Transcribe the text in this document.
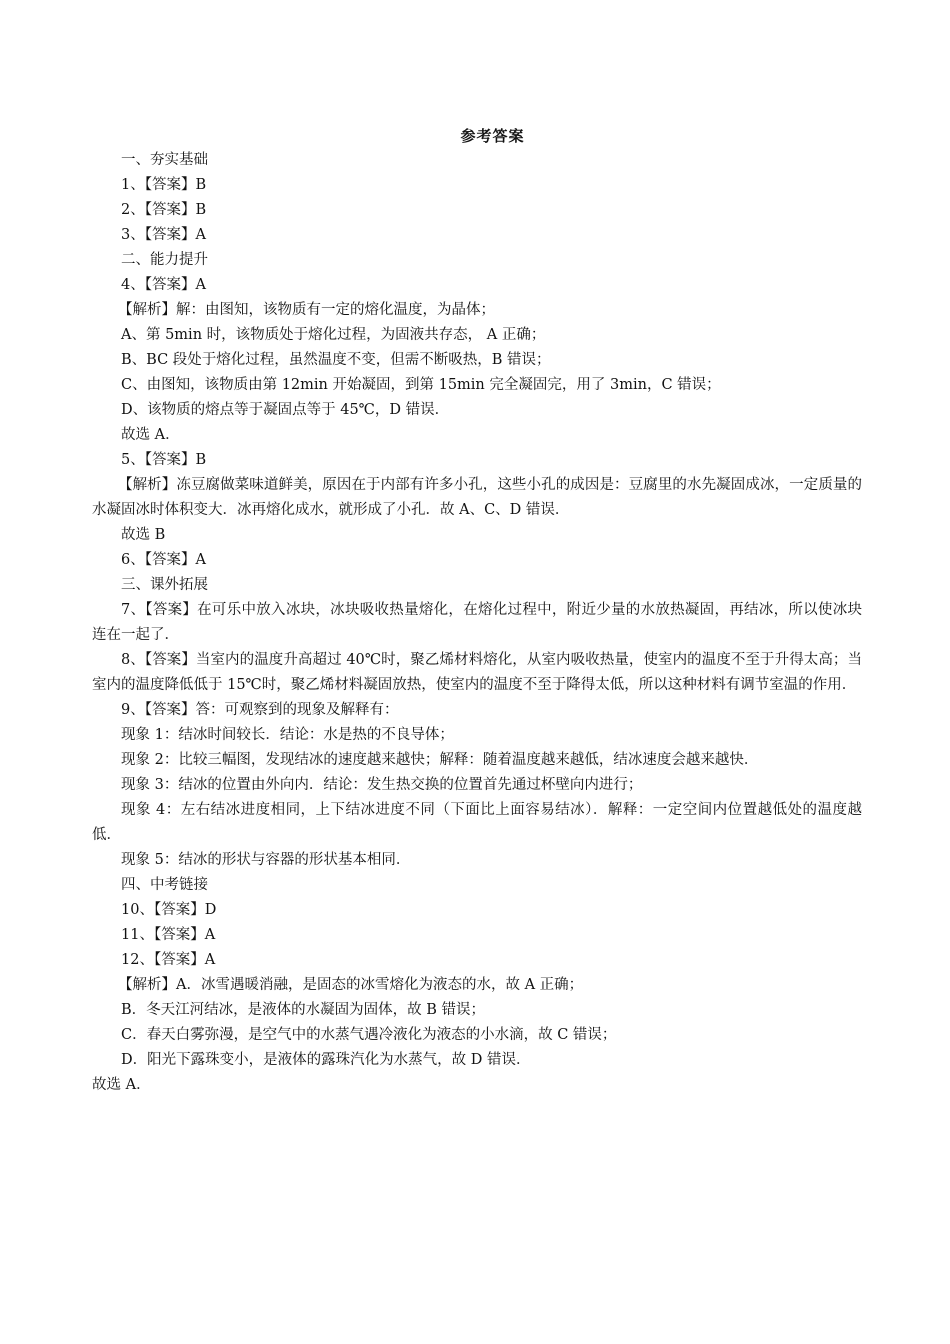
参考答案

一、夯实基础

1、【答案】B

2、【答案】B

3、【答案】A

二、能力提升

4、【答案】A

【解析】解：由图知，该物质有一定的熔化温度，为晶体；

A、第 5min 时，该物质处于熔化过程，为固液共存态， A 正确；

B、BC 段处于熔化过程，虽然温度不变，但需不断吸热，B 错误；

C、由图知，该物质由第 12min 开始凝固，到第 15min 完全凝固完，用了 3min，C 错误；

D、该物质的熔点等于凝固点等于 45℃，D 错误．

故选 A．

5、【答案】B

【解析】冻豆腐做菜味道鲜美，原因在于内部有许多小孔，这些小孔的成因是：豆腐里的水先凝固成冰，一定质量的水凝固冰时体积变大．冰再熔化成水，就形成了小孔．故 A、C、D 错误．

故选 B

6、【答案】A

三、课外拓展

7、【答案】在可乐中放入冰块，冰块吸收热量熔化，在熔化过程中，附近少量的水放热凝固，再结冰，所以使冰块连在一起了．

8、【答案】当室内的温度升高超过 40℃时，聚乙烯材料熔化，从室内吸收热量，使室内的温度不至于升得太高；当室内的温度降低低于 15℃时，聚乙烯材料凝固放热，使室内的温度不至于降得太低，所以这种材料有调节室温的作用．

9、【答案】答：可观察到的现象及解释有：

现象 1：结冰时间较长．结论：水是热的不良导体；

现象 2：比较三幅图，发现结冰的速度越来越快；解释：随着温度越来越低，结冰速度会越来越快．

现象 3：结冰的位置由外向内．结论：发生热交换的位置首先通过杯壁向内进行；

现象 4：左右结冰进度相同，上下结冰进度不同（下面比上面容易结冰）．解释：一定空间内位置越低处的温度越低．

现象 5：结冰的形状与容器的形状基本相同．

四、中考链接

10、【答案】D

11、【答案】A

12、【答案】A

【解析】A．冰雪遇暖消融，是固态的冰雪熔化为液态的水，故 A 正确；

B．冬天江河结冰，是液体的水凝固为固体，故 B 错误；

C．春天白雾弥漫，是空气中的水蒸气遇冷液化为液态的小水滴，故 C 错误；

D．阳光下露珠变小，是液体的露珠汽化为水蒸气，故 D 错误．

故选 A．
